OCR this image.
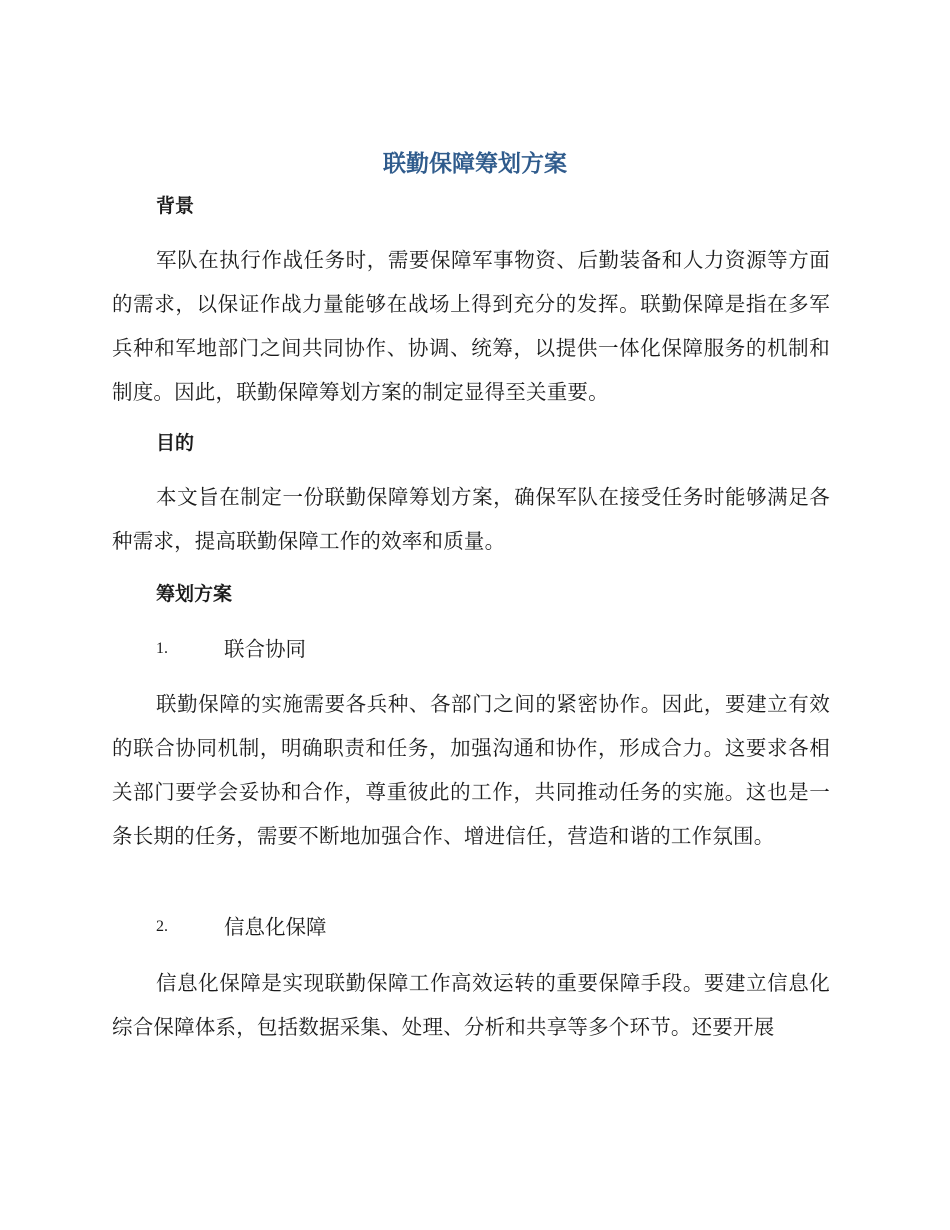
联勤保障筹划方案
背景

军队在执行作战任务时，需要保障军事物资、后勤装备和人力资源等方面的需求，以保证作战力量能够在战场上得到充分的发挥。联勤保障是指在多军兵种和军地部门之间共同协作、协调、统筹，以提供一体化保障服务的机制和制度。因此，联勤保障筹划方案的制定显得至关重要。

目的

本文旨在制定一份联勤保障筹划方案，确保军队在接受任务时能够满足各种需求，提高联勤保障工作的效率和质量。

筹划方案
1.	联合协同

联勤保障的实施需要各兵种、各部门之间的紧密协作。因此，要建立有效的联合协同机制，明确职责和任务，加强沟通和协作，形成合力。这要求各相关部门要学会妥协和合作，尊重彼此的工作，共同推动任务的实施。这也是一条长期的任务，需要不断地加强合作、增进信任，营造和谐的工作氛围。

2.	信息化保障

信息化保障是实现联勤保障工作高效运转的重要保障手段。要建立信息化综合保障体系，包括数据采集、处理、分析和共享等多个环节。还要开展
